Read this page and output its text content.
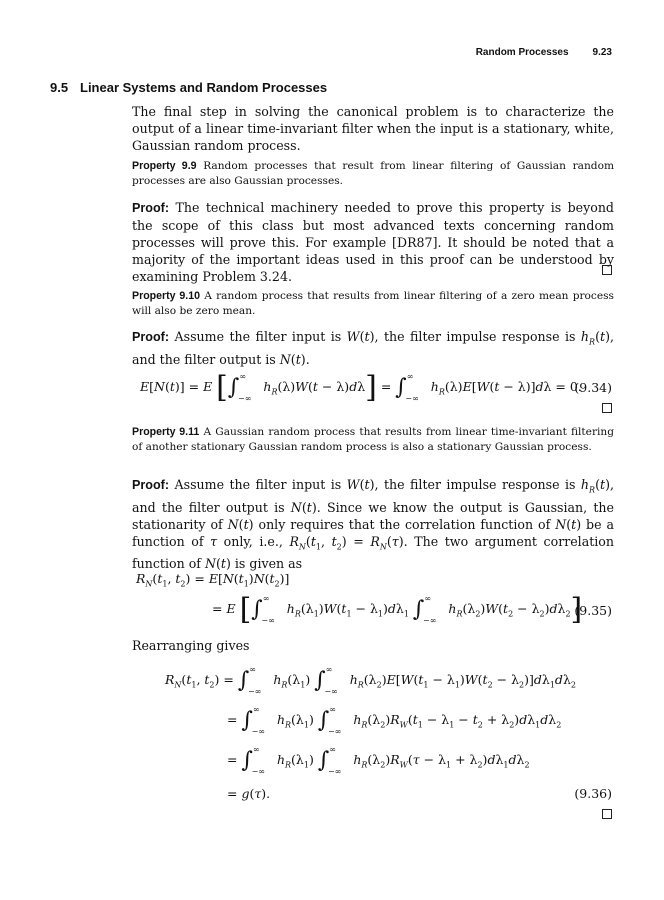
Random Processes 9.23
9.5 Linear Systems and Random Processes
The final step in solving the canonical problem is to characterize the output of a linear time-invariant filter when the input is a stationary, white, Gaussian random process.
Property 9.9 Random processes that result from linear filtering of Gaussian random processes are also Gaussian processes.
Proof: The technical machinery needed to prove this property is beyond the scope of this class but most advanced texts concerning random processes will prove this. For example [DR87]. It should be noted that a majority of the important ideas used in this proof can be understood by examining Problem 3.24.
Property 9.10 A random process that results from linear filtering of a zero mean process will also be zero mean.
Proof: Assume the filter input is W(t), the filter impulse response is $h_R(t)$, and the filter output is N(t).
E[N(t)] = E [$\int^\infty_{-\infty}$ $h_R(\lambda)W(t - \lambda)d\lambda] = \int^\infty_{-\infty}$ $h_R(\lambda)E[W(t - \lambda)]d\lambda = 0$.
(9.34)
Property 9.11 A Gaussian random process that results from linear time-invariant filtering of another stationary Gaussian random process is also a stationary Gaussian process.
Proof: Assume the filter input is W(t), the filter impulse response is $h_R(t)$, and the filter output is N(t). Since we know the output is Gaussian, the stationarity of N(t) only requires that the correlation function of N(t) be a function of τ only, i.e., $R_N(t_1$, $t_2) = R_N(\tau)$. The two argument correlation function of N(t) is given as
$R_N(t_1$, $t_2) = E[N(t_1)N(t_2)]$
= E [$\int^\infty_{-\infty}$ $h_R(\lambda_1)W(t_1 - \lambda_1)d\lambda_1$ $\int^\infty_{-\infty}$ $h_R(\lambda_2)W(t_2 - \lambda_2)d\lambda_2$]
(9.35)
Rearranging gives
$R_N(t_1$, $t_2) = \int^\infty_{-\infty}$ $h_R(\lambda_1)$ $\int^\infty_{-\infty}$ $h_R(\lambda_2)E[W(t_1 - \lambda_1)W(t_2 - \lambda_2)]d\lambda_1d\lambda_2$
= $\int^\infty_{-\infty}$ $h_R(\lambda_1)$ $\int^\infty_{-\infty}$ $h_R(\lambda_2)R_W(t_1 - \lambda_1 - t_2 + \lambda_2)d\lambda_1d\lambda_2$
= $\int^\infty_{-\infty}$ $h_R(\lambda_1)$ $\int^\infty_{-\infty}$ $h_R(\lambda_2)R_W(\tau - \lambda_1 + \lambda_2)d\lambda_1d\lambda_2$
= g(τ).	(9.36)
